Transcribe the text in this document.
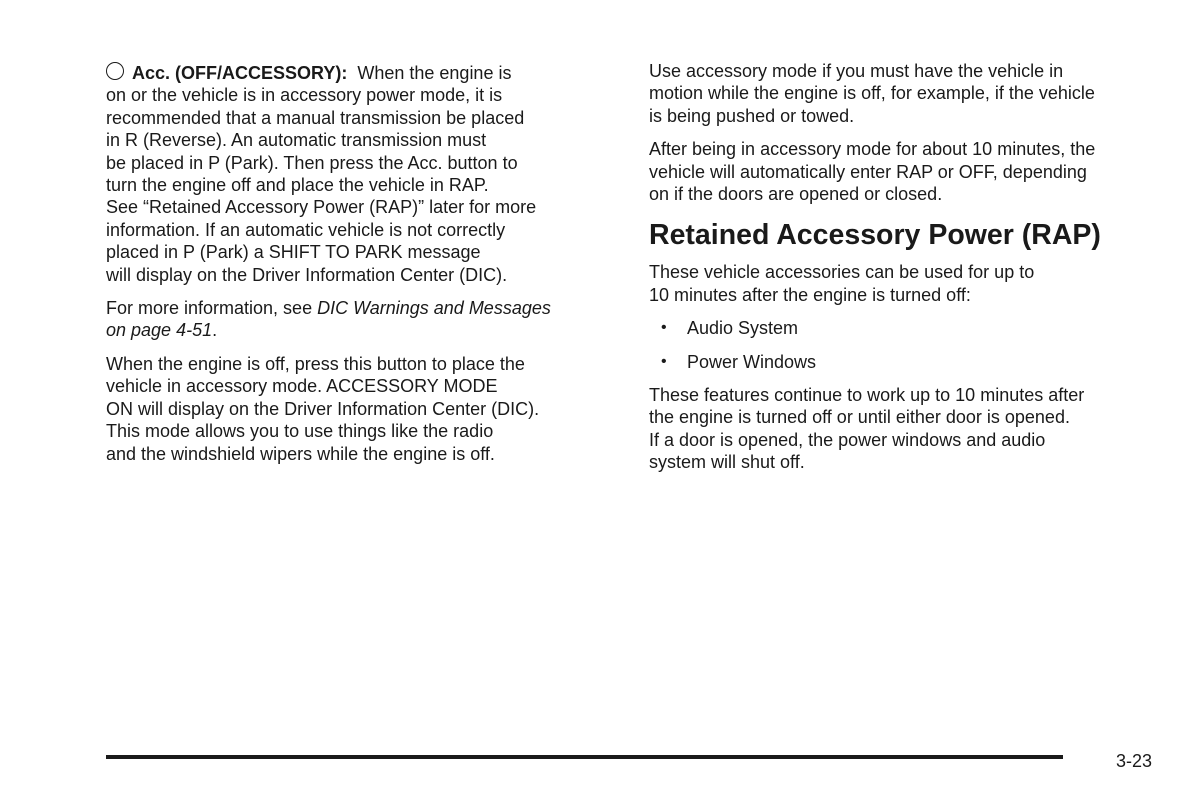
Acc. (OFF/ACCESSORY): When the engine is
on or the vehicle is in accessory power mode, it is
recommended that a manual transmission be placed
in R (Reverse). An automatic transmission must
be placed in P (Park). Then press the Acc. button to
turn the engine off and place the vehicle in RAP.
See “Retained Accessory Power (RAP)” later for more
information. If an automatic vehicle is not correctly
placed in P (Park) a SHIFT TO PARK message
will display on the Driver Information Center (DIC).

For more information, see DIC Warnings and Messages
on page 4-51.

When the engine is off, press this button to place the
vehicle in accessory mode. ACCESSORY MODE
ON will display on the Driver Information Center (DIC).
This mode allows you to use things like the radio
and the windshield wipers while the engine is off.

Use accessory mode if you must have the vehicle in
motion while the engine is off, for example, if the vehicle
is being pushed or towed.

After being in accessory mode for about 10 minutes, the
vehicle will automatically enter RAP or OFF, depending
on if the doors are opened or closed.

Retained Accessory Power (RAP)

These vehicle accessories can be used for up to
10 minutes after the engine is turned off:

• Audio System
• Power Windows

These features continue to work up to 10 minutes after
the engine is turned off or until either door is opened.
If a door is opened, the power windows and audio
system will shut off.

3-23
